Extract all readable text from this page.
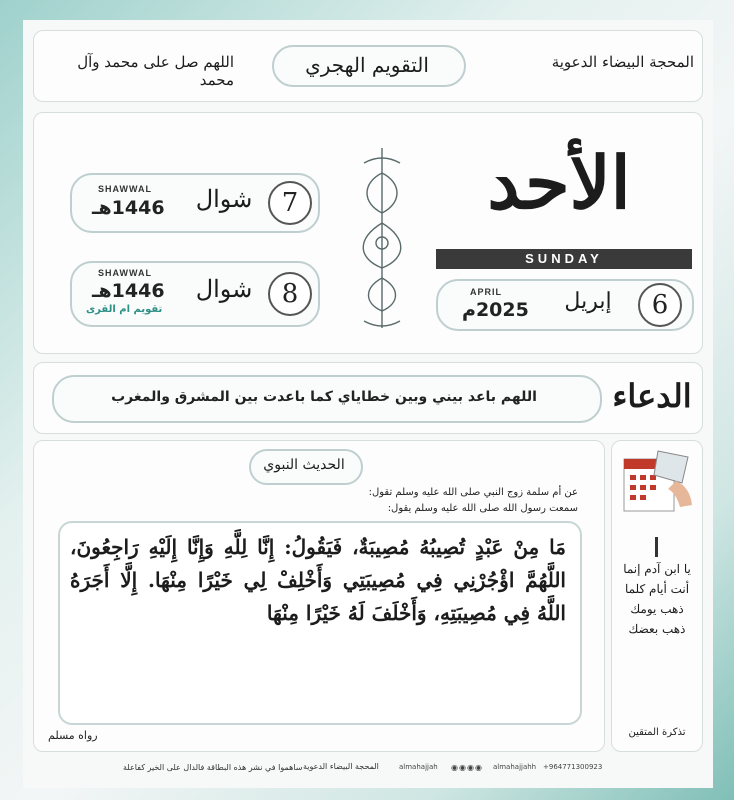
اللهم صل على محمد وآل محمد
التقويم الهجري	المحجة البيضاء الدعوية
SHAWWAL
1446هـ	شوال	7
SHAWWAL
1446هـ
تقويم ام القرى
شوال	8
الأحد
SUNDAY
APRIL
2025م	إبريل	6
اللهم باعد بيني وبين خطاياي كما باعدت بين المشرق والمغرب	الدعاء
الحديث النبوي
عن أم سلمة زوج النبي صلى الله عليه وسلم تقول:
سمعت رسول الله صلى الله عليه وسلم يقول:
مَا مِنْ عَبْدٍ تُصِيبُهُ مُصِيبَةٌ، فَيَقُولُ: إِنَّا لِلَّهِ وَإِنَّا إِلَيْهِ رَاجِعُونَ، اللَّهُمَّ اؤْجُرْنِي فِي مُصِيبَتِي وَأَخْلِفْ لِي خَيْرًا مِنْهَا. إِلَّا أَجَرَهُ اللَّهُ فِي مُصِيبَتِهِ، وَأَخْلَفَ لَهُ خَيْرًا مِنْهَا
رواه مسلم
يا ابن آدم إنما أنت أيام كلما ذهب يومك ذهب بعضك
تذكرة المتقين
+964771300923
almahajjahh
◉◉◉◉
almahajjah
المحجة البيضاء الدعوية
ساهموا في نشر هذه البطاقة فالدال على الخير كفاعلة
